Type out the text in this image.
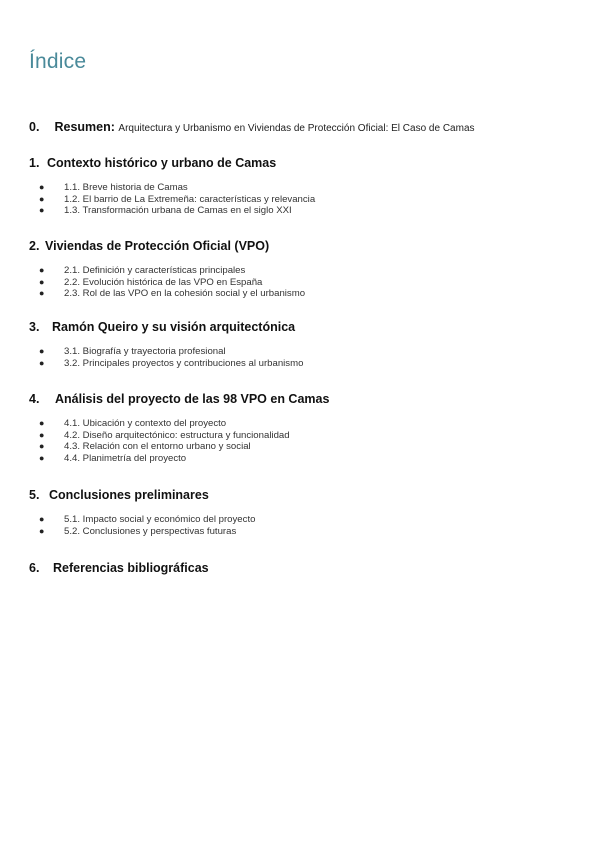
Índice
0. Resumen: Arquitectura y Urbanismo en Viviendas de Protección Oficial: El Caso de Camas
1. Contexto histórico y urbano de Camas
● 1.1. Breve historia de Camas
● 1.2. El barrio de La Extremeña: características y relevancia
● 1.3. Transformación urbana de Camas en el siglo XXI
2. Viviendas de Protección Oficial (VPO)
● 2.1. Definición y características principales
● 2.2. Evolución histórica de las VPO en España
● 2.3. Rol de las VPO en la cohesión social y el urbanismo
3. Ramón Queiro y su visión arquitectónica
● 3.1. Biografía y trayectoria profesional
● 3.2. Principales proyectos y contribuciones al urbanismo
4. Análisis del proyecto de las 98 VPO en Camas
● 4.1. Ubicación y contexto del proyecto
● 4.2. Diseño arquitectónico: estructura y funcionalidad
● 4.3. Relación con el entorno urbano y social
● 4.4. Planimetría del proyecto
5. Conclusiones preliminares
● 5.1. Impacto social y económico del proyecto
● 5.2. Conclusiones y perspectivas futuras
6. Referencias bibliográficas
